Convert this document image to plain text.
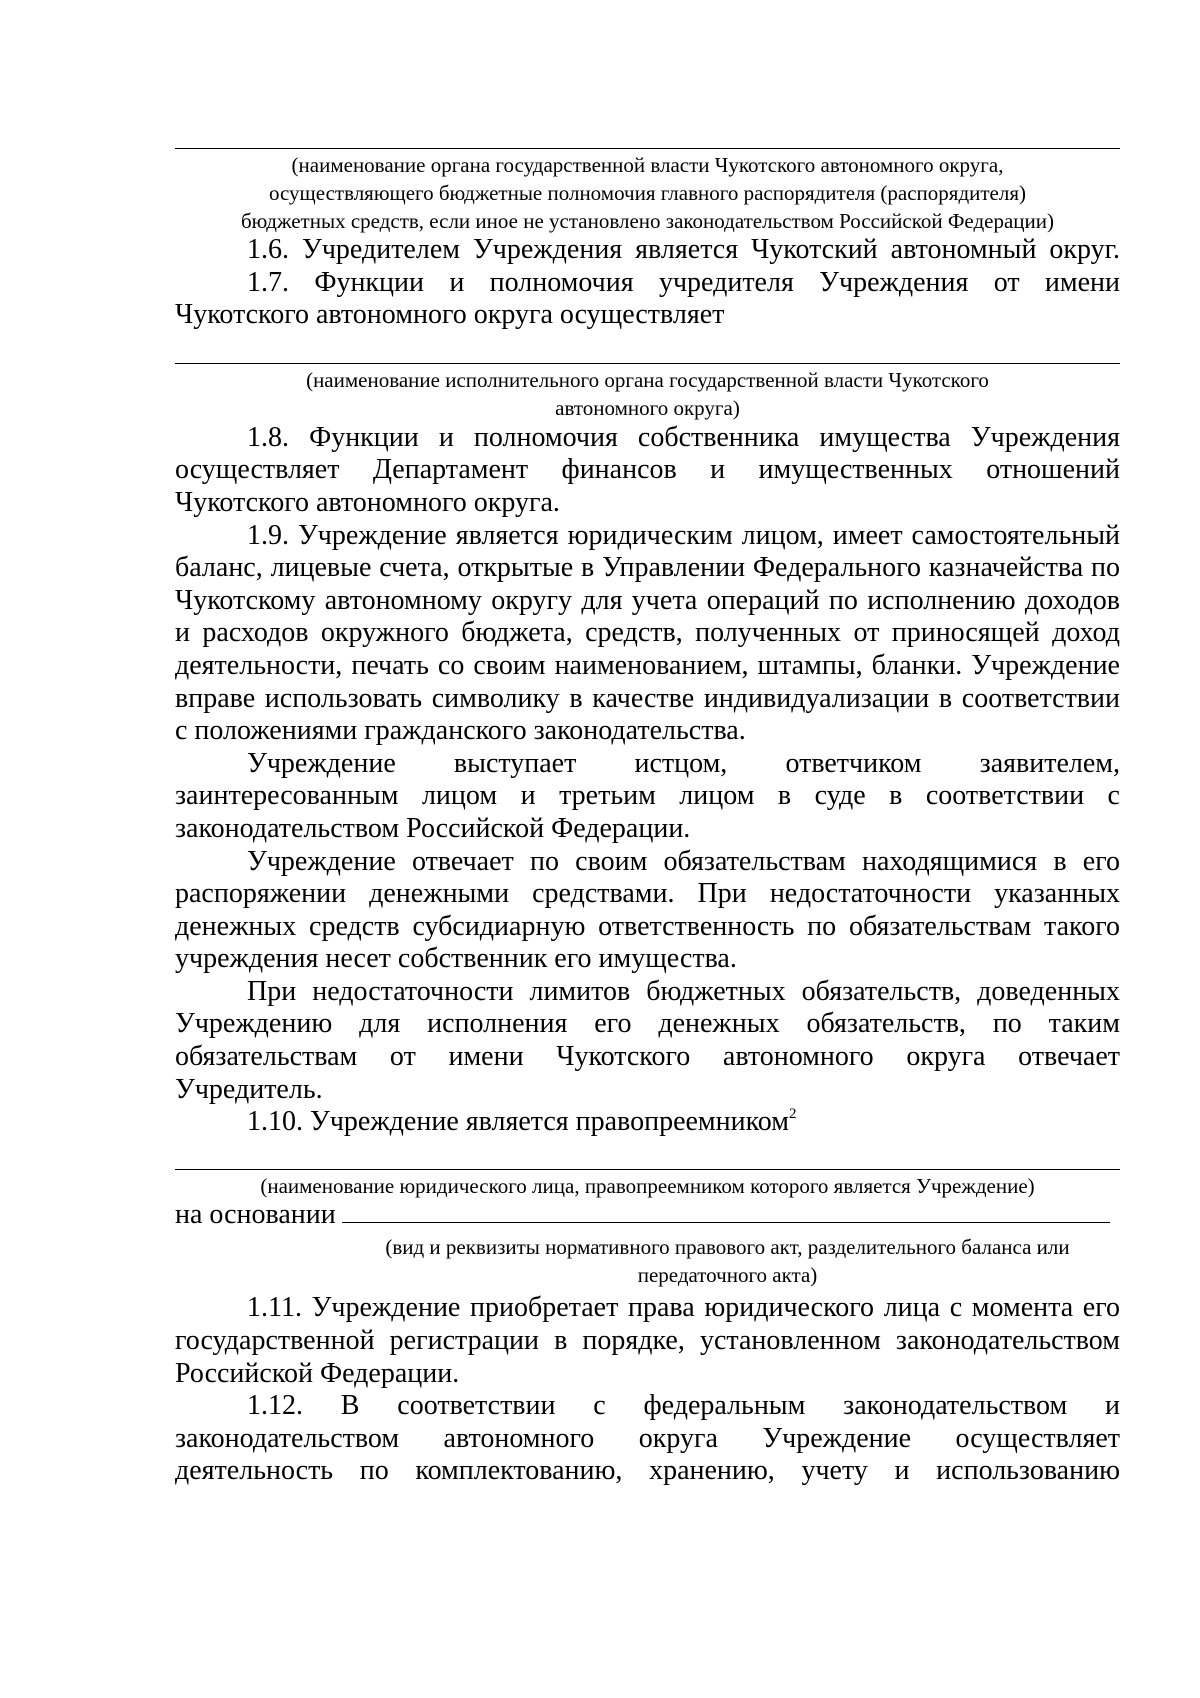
(наименование органа государственной власти Чукотского автономного округа, осуществляющего бюджетные полномочия главного распорядителя (распорядителя) бюджетных средств, если иное не установлено законодательством Российской Федерации)

1.6. Учредителем Учреждения является Чукотский автономный округ.

1.7. Функции и полномочия учредителя Учреждения от имени Чукотского автономного округа осуществляет

(наименование исполнительного органа государственной власти Чукотского автономного округа)

1.8. Функции и полномочия собственника имущества Учреждения осуществляет Департамент финансов и имущественных отношений Чукотского автономного округа.

1.9. Учреждение является юридическим лицом, имеет самостоятельный баланс, лицевые счета, открытые в Управлении Федерального казначейства по Чукотскому автономному округу для учета операций по исполнению доходов и расходов окружного бюджета, средств, полученных от приносящей доход деятельности, печать со своим наименованием, штампы, бланки. Учреждение вправе использовать символику в качестве индивидуализации в соответствии с положениями гражданского законодательства.

Учреждение выступает истцом, ответчиком заявителем, заинтересованным лицом и третьим лицом в суде в соответствии с законодательством Российской Федерации.

Учреждение отвечает по своим обязательствам находящимися в его распоряжении денежными средствами. При недостаточности указанных денежных средств субсидиарную ответственность по обязательствам такого учреждения несет собственник его имущества.

При недостаточности лимитов бюджетных обязательств, доведенных Учреждению для исполнения его денежных обязательств, по таким обязательствам от имени Чукотского автономного округа отвечает Учредитель.

1.10. Учреждение является правопреемником$^2$

(наименование юридического лица, правопреемником которого является Учреждение)

на основании

(вид и реквизиты нормативного правового акт, разделительного баланса или передаточного акта)

1.11. Учреждение приобретает права юридического лица с момента его государственной регистрации в порядке, установленном законодательством Российской Федерации.

1.12. В соответствии с федеральным законодательством и законодательством автономного округа Учреждение осуществляет деятельность по комплектованию, хранению, учету и использованию
